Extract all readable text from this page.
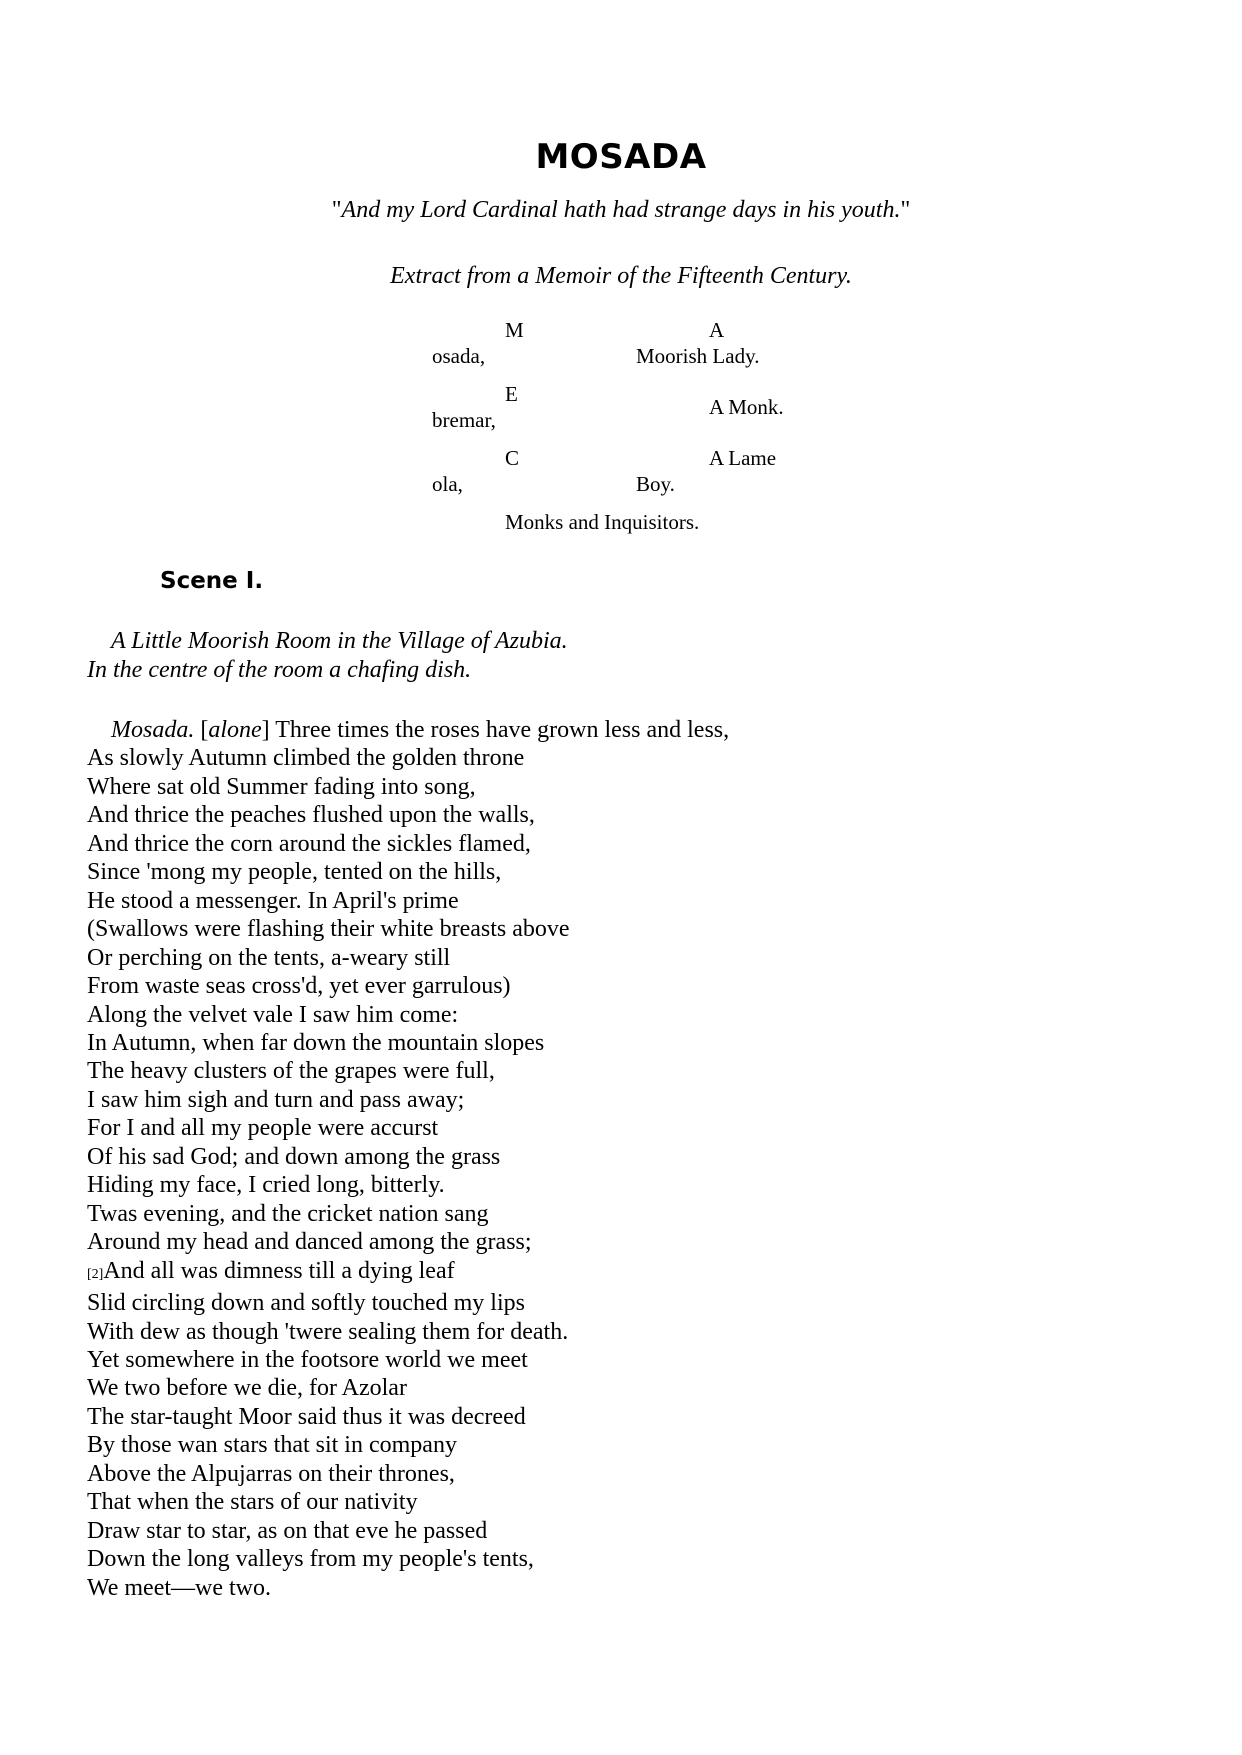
MOSADA

"And my Lord Cardinal hath had strange days in his youth."

Extract from a Memoir of the Fifteenth Century.

M
osada,
A
Moorish Lady.
E
bremar,
A Monk.
C
ola,
A Lame
Boy.
Monks and Inquisitors.
Scene I.
A Little Moorish Room in the Village of Azubia.
In the centre of the room a chafing dish.
Mosada. [alone] Three times the roses have grown less and less,
As slowly Autumn climbed the golden throne
Where sat old Summer fading into song,
And thrice the peaches flushed upon the walls,
And thrice the corn around the sickles flamed,
Since 'mong my people, tented on the hills,
He stood a messenger. In April's prime
(Swallows were flashing their white breasts above
Or perching on the tents, a-weary still
From waste seas cross'd, yet ever garrulous)
Along the velvet vale I saw him come:
In Autumn, when far down the mountain slopes
The heavy clusters of the grapes were full,
I saw him sigh and turn and pass away;
For I and all my people were accurst
Of his sad God; and down among the grass
Hiding my face, I cried long, bitterly.
Twas evening, and the cricket nation sang
Around my head and danced among the grass;
[2]And all was dimness till a dying leaf
Slid circling down and softly touched my lips
With dew as though 'twere sealing them for death.
Yet somewhere in the footsore world we meet
We two before we die, for Azolar
The star-taught Moor said thus it was decreed
By those wan stars that sit in company
Above the Alpujarras on their thrones,
That when the stars of our nativity
Draw star to star, as on that eve he passed
Down the long valleys from my people's tents,
We meet—we two.
